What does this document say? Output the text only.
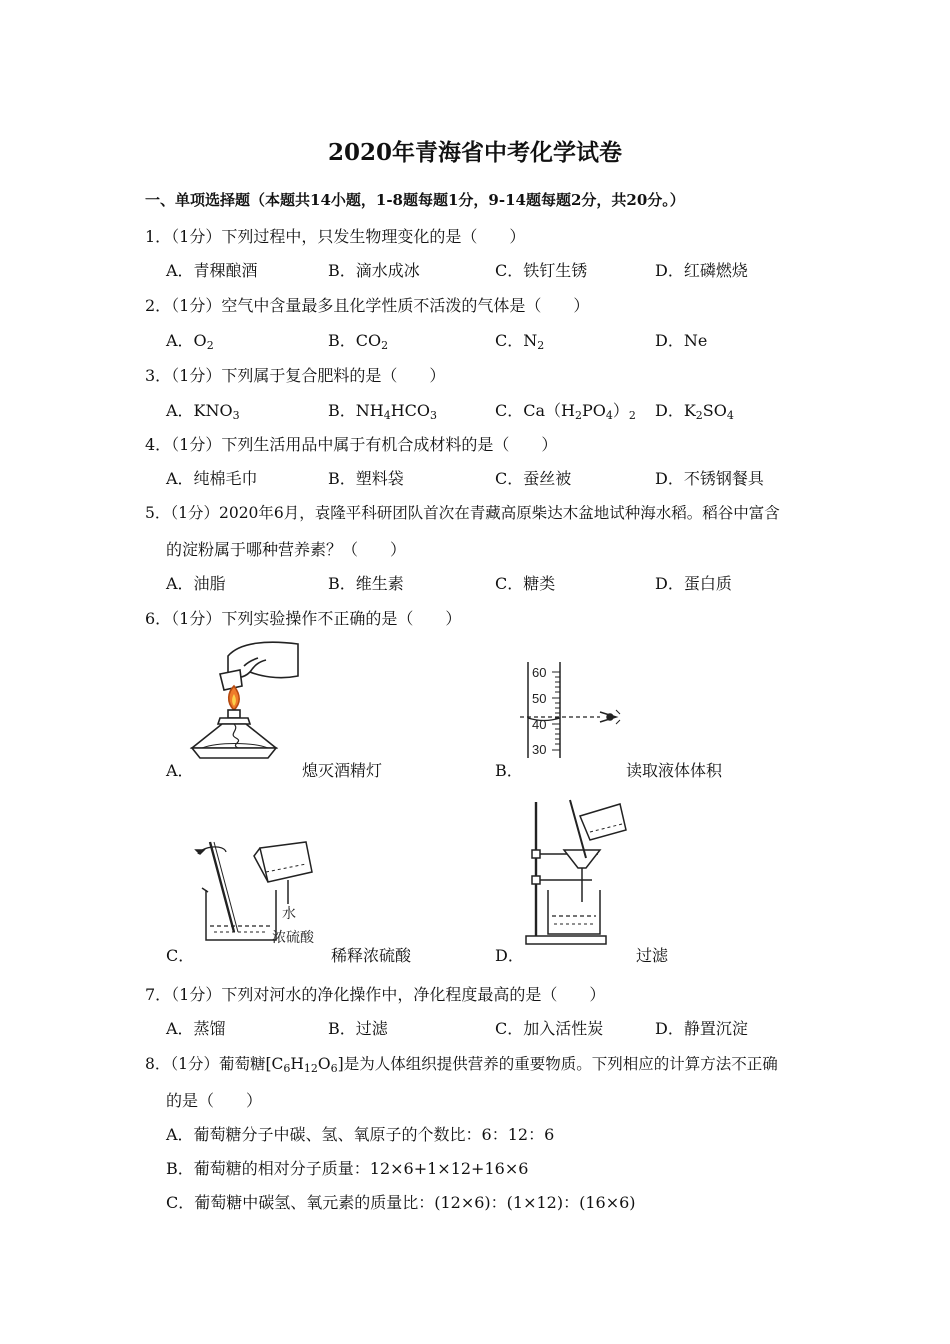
2020年青海省中考化学试卷
一、单项选择题（本题共14小题，1-8题每题1分，9-14题每题2分，共20分。）
1．（1分）下列过程中，只发生物理变化的是（　　）
A．青稞酿酒	B．滴水成冰	C．铁钉生锈	D．红磷燃烧
2．（1分）空气中含量最多且化学性质不活泼的气体是（　　）
A．$O_2$	B．$CO_2$	C．$N_2$	D．Ne
3．（1分）下列属于复合肥料的是（　　）
A．$KNO_3$	B．$NH_4HCO_3$	C．$Ca(H_2PO_4)_2$ D．$K_2SO_4$
4．（1分）下列生活用品中属于有机合成材料的是（　　）
A．纯棉毛巾	B．塑料袋	C．蚕丝被	D．不锈钢餐具
5．（1分）2020年6月，袁隆平科研团队首次在青藏高原柴达木盆地试种海水稻。稻谷中富含
的淀粉属于哪种营养素？（　　）
A．油脂	B．维生素	C．糖类	D．蛋白质
6．（1分）下列实验操作不正确的是（　　）
A．	熄灭酒精灯
60
50
40
30
B．	读取液体体积
水
浓硫酸
C．	稀释浓硫酸	D．	过滤
7．（1分）下列对河水的净化操作中，净化程度最高的是（　　）
A．蒸馏	B．过滤	C．加入活性炭	D．静置沉淀
8．（1分）葡萄糖$[C_6H_{12}O_6]$是为人体组织提供营养的重要物质。下列相应的计算方法不正确
的是（　　）
A．葡萄糖分子中碳、氢、氧原子的个数比：6：12：6
B．葡萄糖的相对分子质量：12×6+1×12+16×6
C．葡萄糖中碳氢、氧元素的质量比：(12×6)：(1×12)：(16×6)
